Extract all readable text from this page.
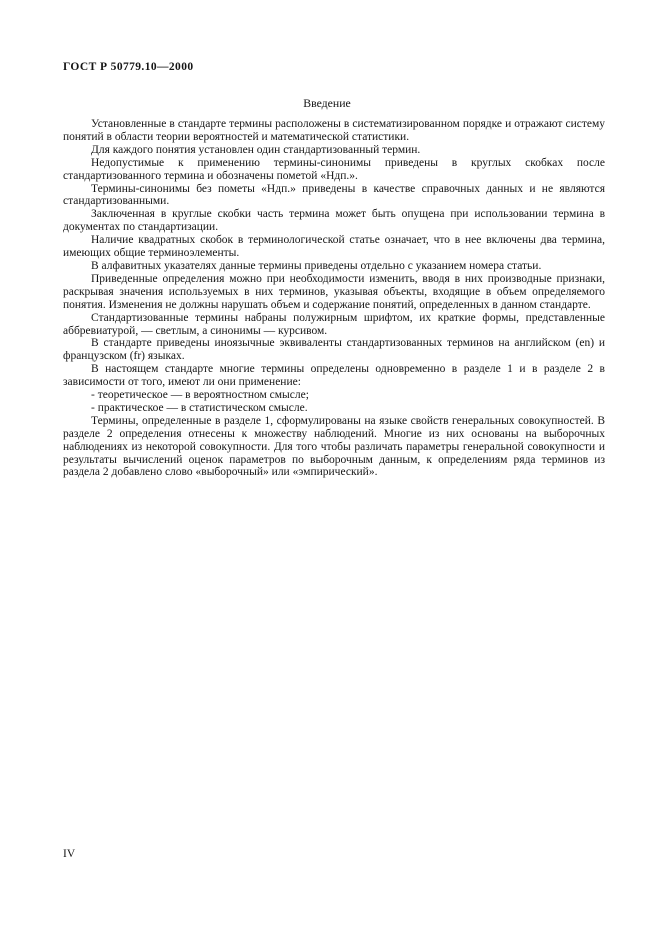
ГОСТ Р 50779.10—2000
Введение

Установленные в стандарте термины расположены в систематизированном порядке и отражают систему понятий в области теории вероятностей и математической статистики.

Для каждого понятия установлен один стандартизованный термин.

Недопустимые к применению термины-синонимы приведены в круглых скобках после стандартизованного термина и обозначены пометой «Ндп.».

Термины-синонимы без пометы «Ндп.» приведены в качестве справочных данных и не являются стандартизованными.

Заключенная в круглые скобки часть термина может быть опущена при использовании термина в документах по стандартизации.

Наличие квадратных скобок в терминологической статье означает, что в нее включены два термина, имеющих общие терминоэлементы.

В алфавитных указателях данные термины приведены отдельно с указанием номера статьи.

Приведенные определения можно при необходимости изменить, вводя в них производные признаки, раскрывая значения используемых в них терминов, указывая объекты, входящие в объем определяемого понятия. Изменения не должны нарушать объем и содержание понятий, определенных в данном стандарте.

Стандартизованные термины набраны полужирным шрифтом, их краткие формы, представленные аббревиатурой, — светлым, а синонимы — курсивом.

В стандарте приведены иноязычные эквиваленты стандартизованных терминов на английском (en) и французском (fr) языках.

В настоящем стандарте многие термины определены одновременно в разделе 1 и в разделе 2 в зависимости от того, имеют ли они применение:

- теоретическое — в вероятностном смысле;

- практическое — в статистическом смысле.

Термины, определенные в разделе 1, сформулированы на языке свойств генеральных совокупностей. В разделе 2 определения отнесены к множеству наблюдений. Многие из них основаны на выборочных наблюдениях из некоторой совокупности. Для того чтобы различать параметры генеральной совокупности и результаты вычислений оценок параметров по выборочным данным, к определениям ряда терминов из раздела 2 добавлено слово «выборочный» или «эмпирический».

IV
